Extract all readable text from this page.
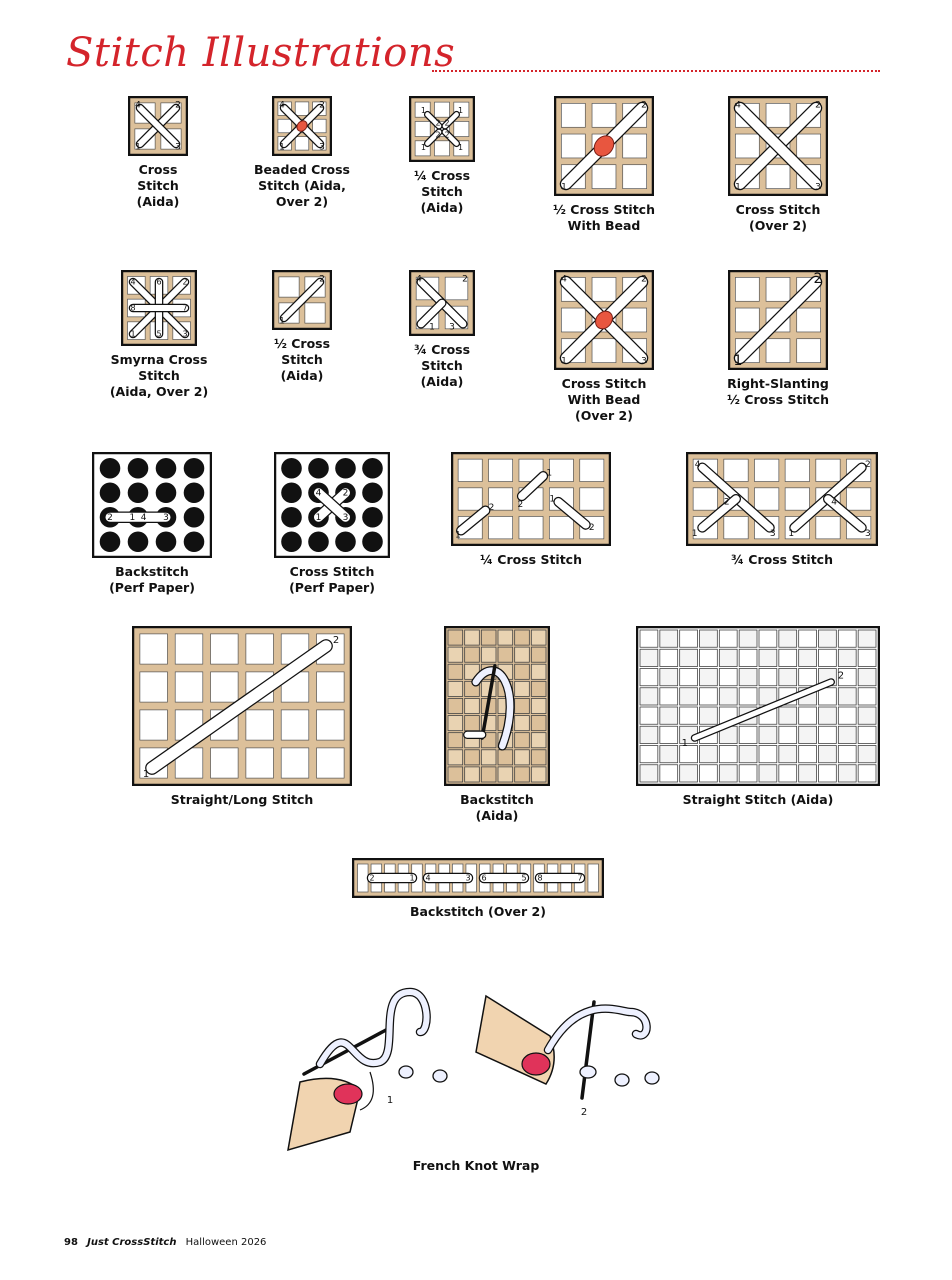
Stitch Illustrations
4	2
1	3
Cross
Stitch
(Aida)
4	2
1	3
Beaded Cross
Stitch (Aida,
Over 2)
1	1
2 2
2 2
1	1
¼ Cross
Stitch
(Aida)
1
2
½ Cross Stitch
With Bead
4	2
1	3
Cross Stitch
(Over 2)
4	6	2
8	7
1	5	3
Smyrna Cross
Stitch
(Aida, Over 2)
1
2
½ Cross
Stitch
(Aida)
4	2
1 3
¾ Cross
Stitch
(Aida)
4	2
1	3
Cross Stitch
With Bead
(Over 2)
1
2
Right-Slanting
½ Cross Stitch
2 1 4 3
Backstitch
(Perf Paper)
4 2
1 3
Cross Stitch
(Perf Paper)
1
2	2
1
1
2
¼ Cross Stitch
4
2
1	3
2
4
1	3
¾ Cross Stitch
1
2
Straight/Long Stitch	Backstitch (Aida)
1
2
Straight Stitch (Aida)
2	1 4	3 6	5 8	7
Backstitch (Over 2)
1
2
French Knot Wrap
98 Just CrossStitch Halloween 2026
